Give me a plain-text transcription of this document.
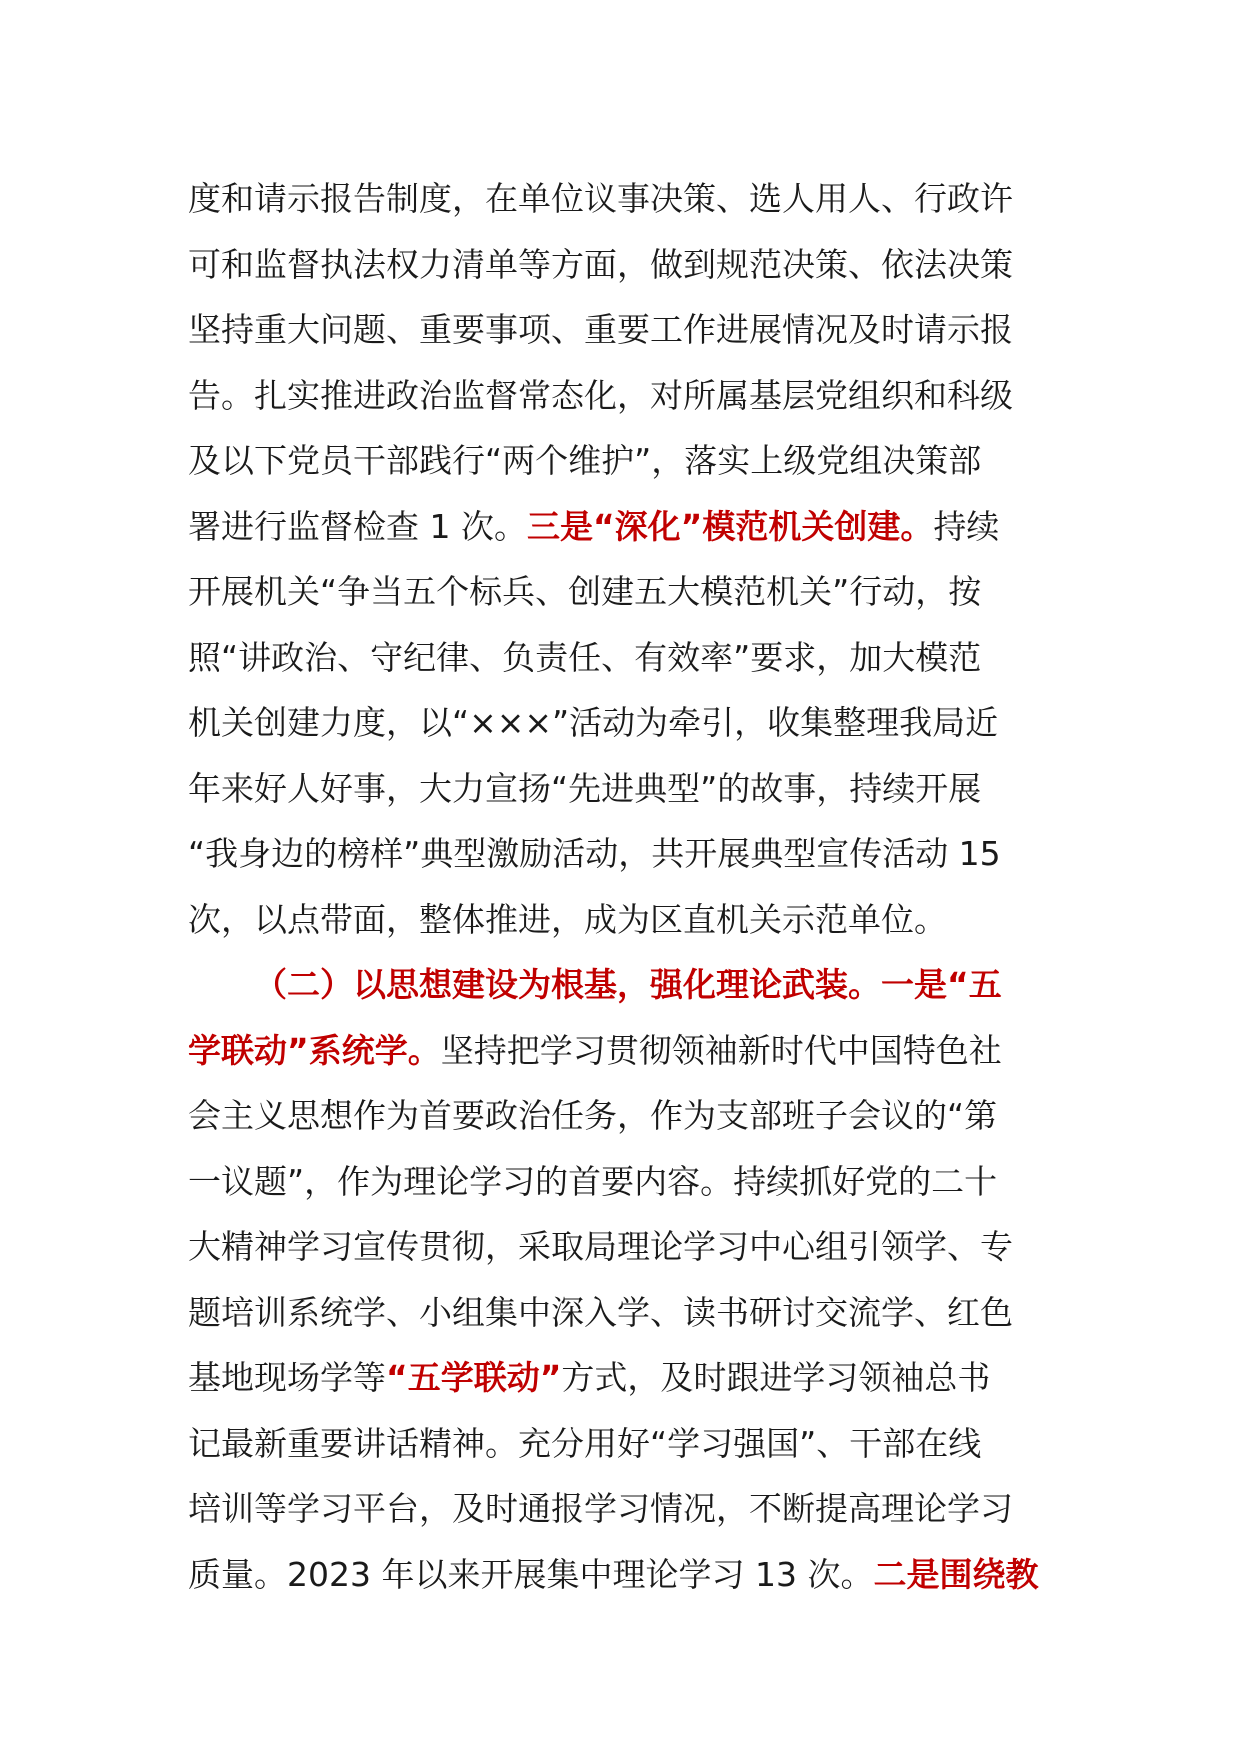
度和请示报告制度，在单位议事决策、选人用人、行政许
可和监督执法权力清单等方面，做到规范决策、依法决策
坚持重大问题、重要事项、重要工作进展情况及时请示报
告。扎实推进政治监督常态化，对所属基层党组织和科级
及以下党员干部践行“两个维护”，落实上级党组决策部
署进行监督检查 1 次。三是“深化”模范机关创建。持续
开展机关“争当五个标兵、创建五大模范机关”行动，按
照“讲政治、守纪律、负责任、有效率”要求，加大模范
机关创建力度，以“×××”活动为牵引，收集整理我局近
年来好人好事，大力宣扬“先进典型”的故事，持续开展
“我身边的榜样”典型激励活动，共开展典型宣传活动 15
次，以点带面，整体推进，成为区直机关示范单位。
（二）以思想建设为根基，强化理论武装。一是“五
学联动”系统学。坚持把学习贯彻领袖新时代中国特色社
会主义思想作为首要政治任务，作为支部班子会议的“第
一议题”，作为理论学习的首要内容。持续抓好党的二十
大精神学习宣传贯彻，采取局理论学习中心组引领学、专
题培训系统学、小组集中深入学、读书研讨交流学、红色
基地现场学等“五学联动”方式，及时跟进学习领袖总书
记最新重要讲话精神。充分用好“学习强国”、干部在线
培训等学习平台，及时通报学习情况，不断提高理论学习
质量。2023 年以来开展集中理论学习 13 次。二是围绕教
